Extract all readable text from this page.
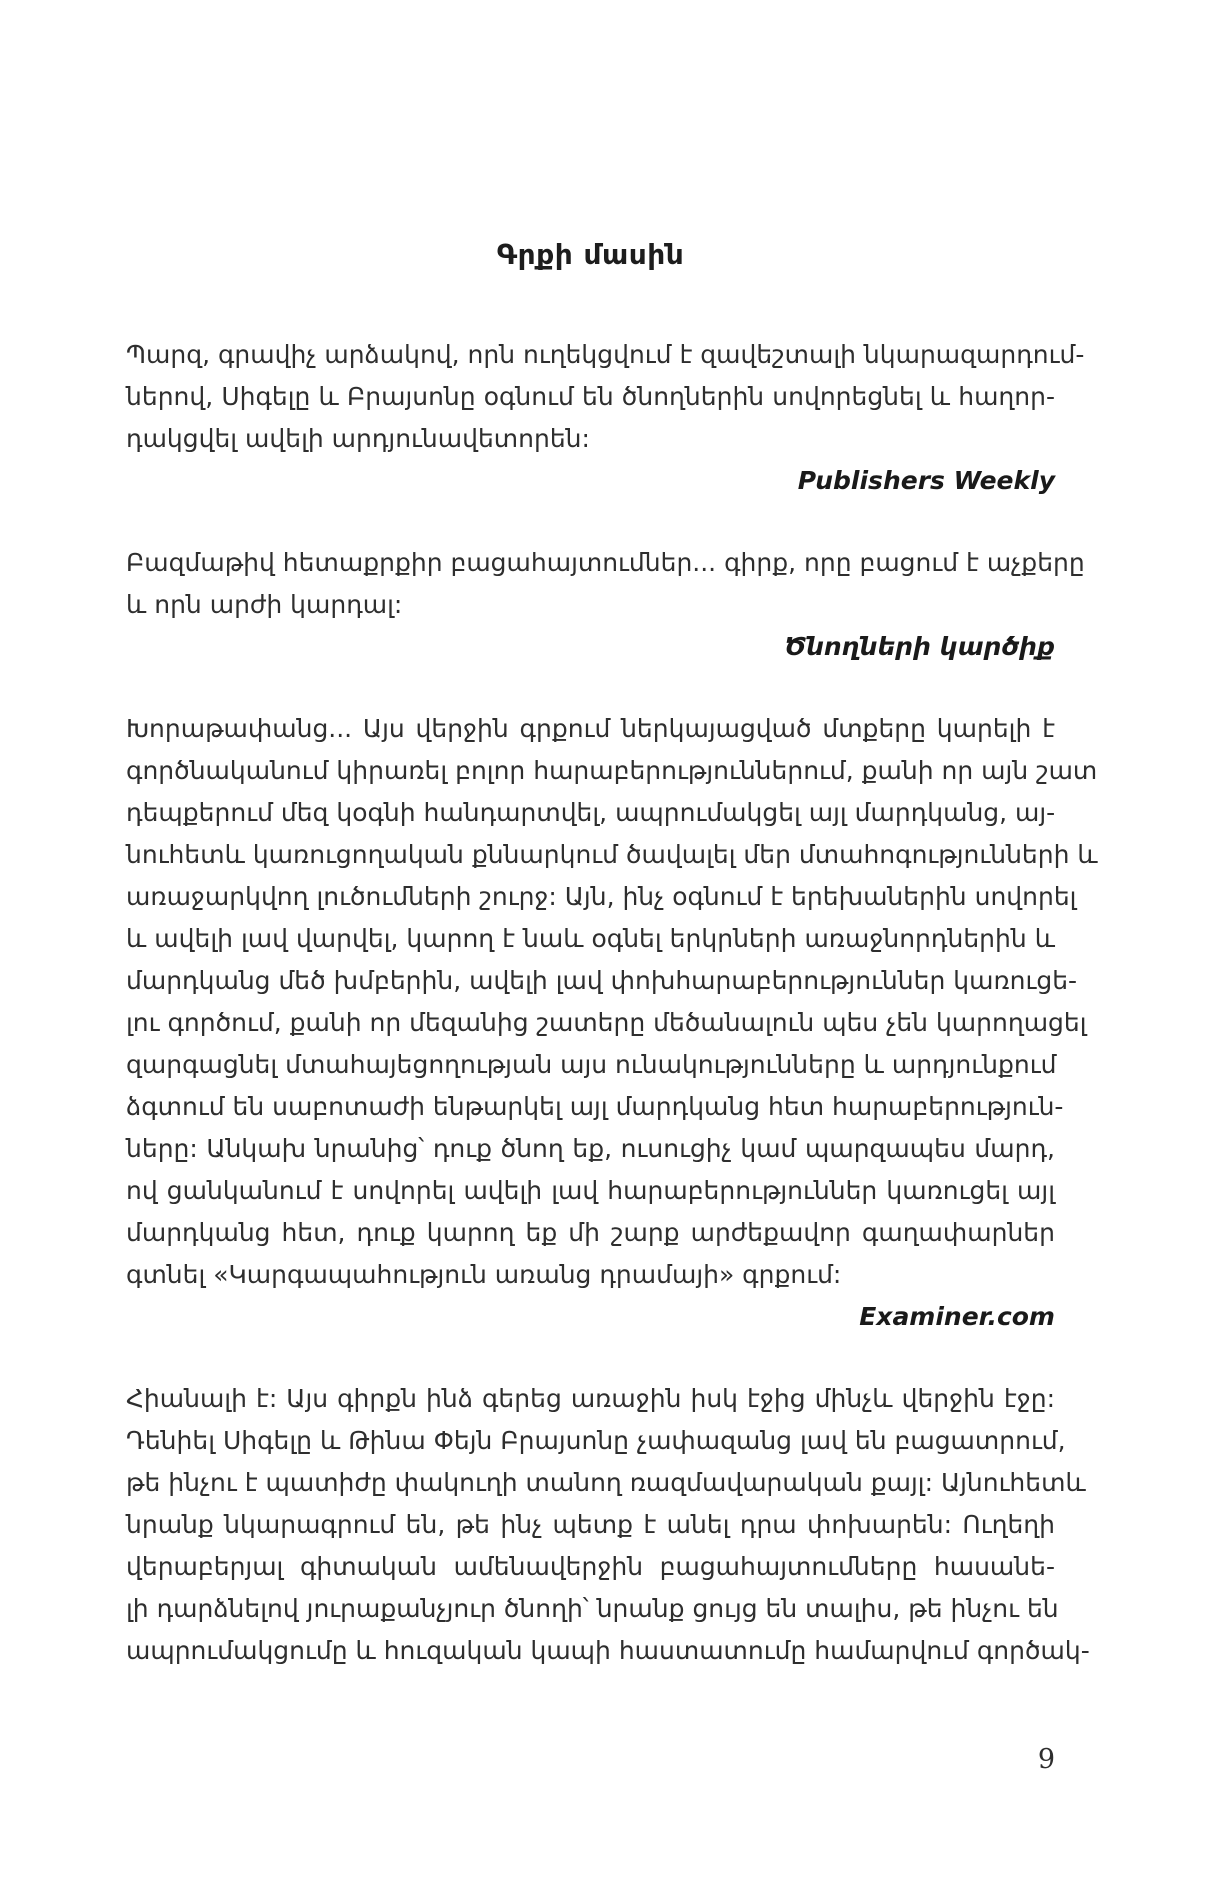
Գրքի մասին
Պարզ, գրավիչ արձակով, որն ուղեկցվում է զավեշտալի նկարազարդում-
ներով, Սիգելը և Բրայսոնը օգնում են ծնողներին սովորեցնել և հաղոր-
դակցվել ավելի արդյունավետորեն:
Publishers Weekly
Բազմաթիվ հետաքրքիր բացահայտումներ... գիրք, որը բացում է աչքերը
և որն արժի կարդալ:
Ծնողների կարծիք
Խորաթափանց... Այս վերջին գրքում ներկայացված մտքերը կարելի է
գործնականում կիրառել բոլոր հարաբերություններում, քանի որ այն շատ
դեպքերում մեզ կօգնի հանդարտվել, ապրումակցել այլ մարդկանց, այ-
նուհետև կառուցողական քննարկում ծավալել մեր մտահոգությունների և
առաջարկվող լուծումների շուրջ: Այն, ինչ օգնում է երեխաներին սովորել
և ավելի լավ վարվել, կարող է նաև օգնել երկրների առաջնորդներին և
մարդկանց մեծ խմբերին, ավելի լավ փոխհարաբերություններ կառուցե-
լու գործում, քանի որ մեզանից շատերը մեծանալուն պես չեն կարողացել
զարգացնել մտահայեցողության այս ունակությունները և արդյունքում
ձգտում են սաբոտաժի ենթարկել այլ մարդկանց հետ հարաբերություն-
ները: Անկախ նրանից՝ դուք ծնող եք, ուսուցիչ կամ պարզապես մարդ,
ով ցանկանում է սովորել ավելի լավ հարաբերություններ կառուցել այլ
մարդկանց հետ, դուք կարող եք մի շարք արժեքավոր գաղափարներ
գտնել «Կարգապահություն առանց դրամայի» գրքում:
Examiner.com
Հիանալի է: Այս գիրքն ինձ գերեց առաջին իսկ էջից մինչև վերջին էջը:
Դենիել Սիգելը և Թինա Փեյն Բրայսոնը չափազանց լավ են բացատրում,
թե ինչու է պատիժը փակուղի տանող ռազմավարական քայլ: Այնուհետև
նրանք նկարագրում են, թե ինչ պետք է անել դրա փոխարեն: Ուղեղի
վերաբերյալ գիտական ամենավերջին բացահայտումները հասանե-
լի դարձնելով յուրաքանչյուր ծնողի՝ նրանք ցույց են տալիս, թե ինչու են
ապրումակցումը և հուզական կապի հաստատումը համարվում գործակ-
9
